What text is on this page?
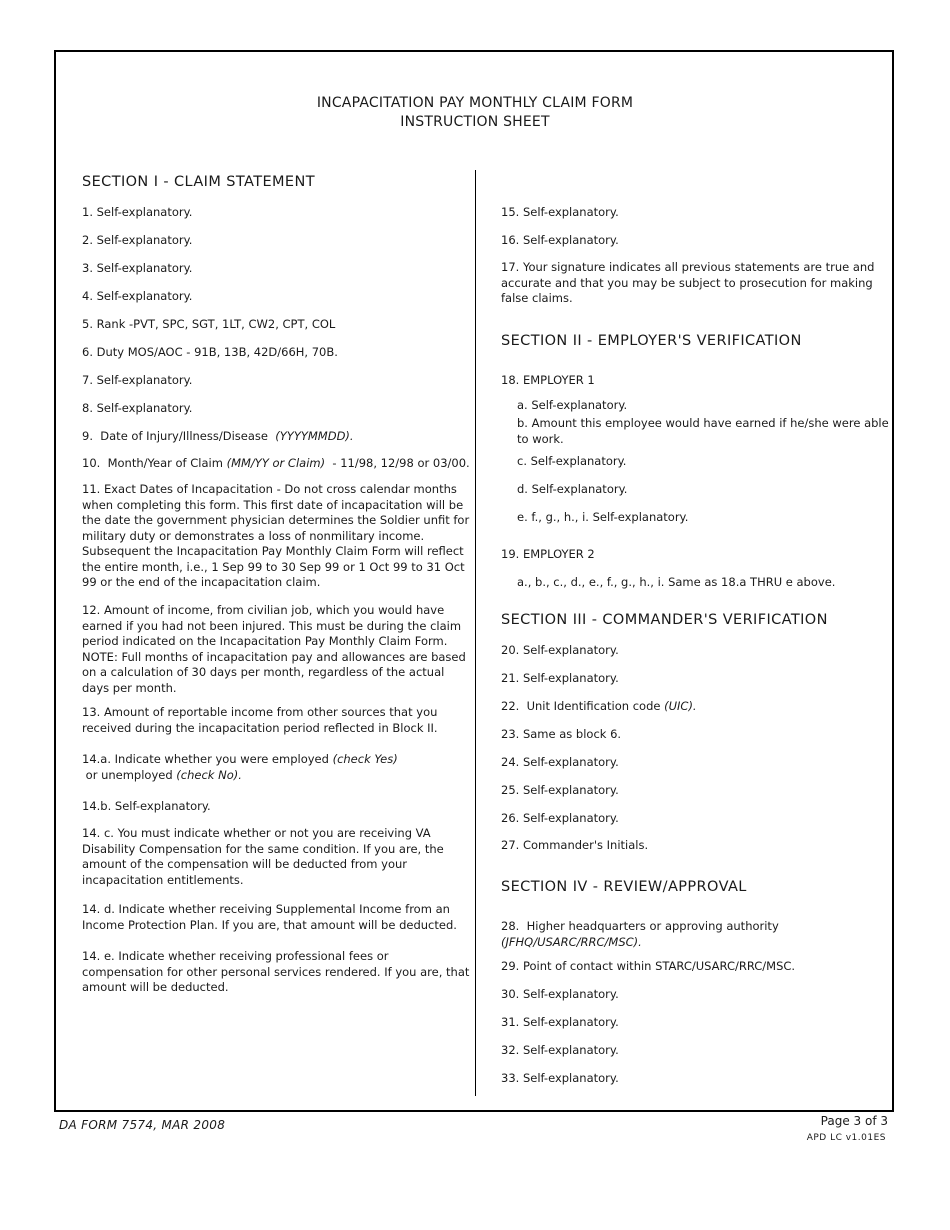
INCAPACITATION PAY MONTHLY CLAIM FORM
INSTRUCTION SHEET
SECTION I - CLAIM STATEMENT
1. Self-explanatory.
2. Self-explanatory.
3. Self-explanatory.
4. Self-explanatory.
5. Rank -PVT, SPC, SGT, 1LT, CW2, CPT, COL
6. Duty MOS/AOC - 91B, 13B, 42D/66H, 70B.
7. Self-explanatory.
8. Self-explanatory.
9.  Date of Injury/Illness/Disease  (YYYYMMDD).
10.  Month/Year of Claim (MM/YY or Claim)  - 11/98, 12/98 or 03/00.
11. Exact Dates of Incapacitation - Do not cross calendar months when completing this form. This first date of incapacitation will be the date the government physician determines the Soldier unfit for military duty or demonstrates a loss of nonmilitary income. Subsequent the Incapacitation Pay Monthly Claim Form will reflect the entire month, i.e., 1 Sep 99 to 30 Sep 99 or 1 Oct 99 to 31 Oct 99 or the end of the incapacitation claim.
12. Amount of income, from civilian job, which you would have earned if you had not been injured. This must be during the claim period indicated on the Incapacitation Pay Monthly Claim Form. NOTE: Full months of incapacitation pay and allowances are based on a calculation of 30 days per month, regardless of the actual days per month.
13. Amount of reportable income from other sources that you received during the incapacitation period reflected in Block II.
14.a. Indicate whether you were employed (check Yes) or unemployed (check No).
14.b. Self-explanatory.
14. c. You must indicate whether or not you are receiving VA Disability Compensation for the same condition. If you are, the amount of the compensation will be deducted from your incapacitation entitlements.
14. d. Indicate whether receiving Supplemental Income from an Income Protection Plan. If you are, that amount will be deducted.
14. e. Indicate whether receiving professional fees or compensation for other personal services rendered. If you are, that amount will be deducted.
15. Self-explanatory.
16. Self-explanatory.
17. Your signature indicates all previous statements are true and accurate and that you may be subject to prosecution for making false claims.
SECTION II - EMPLOYER'S VERIFICATION
18. EMPLOYER 1
a. Self-explanatory.
b. Amount this employee would have earned if he/she were able to work.
c. Self-explanatory.
d. Self-explanatory.
e. f., g., h., i. Self-explanatory.
19. EMPLOYER 2
a., b., c., d., e., f., g., h., i. Same as 18.a THRU e above.
SECTION III - COMMANDER'S VERIFICATION
20. Self-explanatory.
21. Self-explanatory.
22.  Unit Identification code (UIC).
23. Same as block 6.
24. Self-explanatory.
25. Self-explanatory.
26. Self-explanatory.
27. Commander's Initials.
SECTION IV - REVIEW/APPROVAL
28.  Higher headquarters or approving authority
(JFHQ/USARC/RRC/MSC).
29. Point of contact within STARC/USARC/RRC/MSC.
30. Self-explanatory.
31. Self-explanatory.
32. Self-explanatory.
33. Self-explanatory.
DA FORM 7574, MAR 2008	Page 3 of 3
APD LC v1.01ES
